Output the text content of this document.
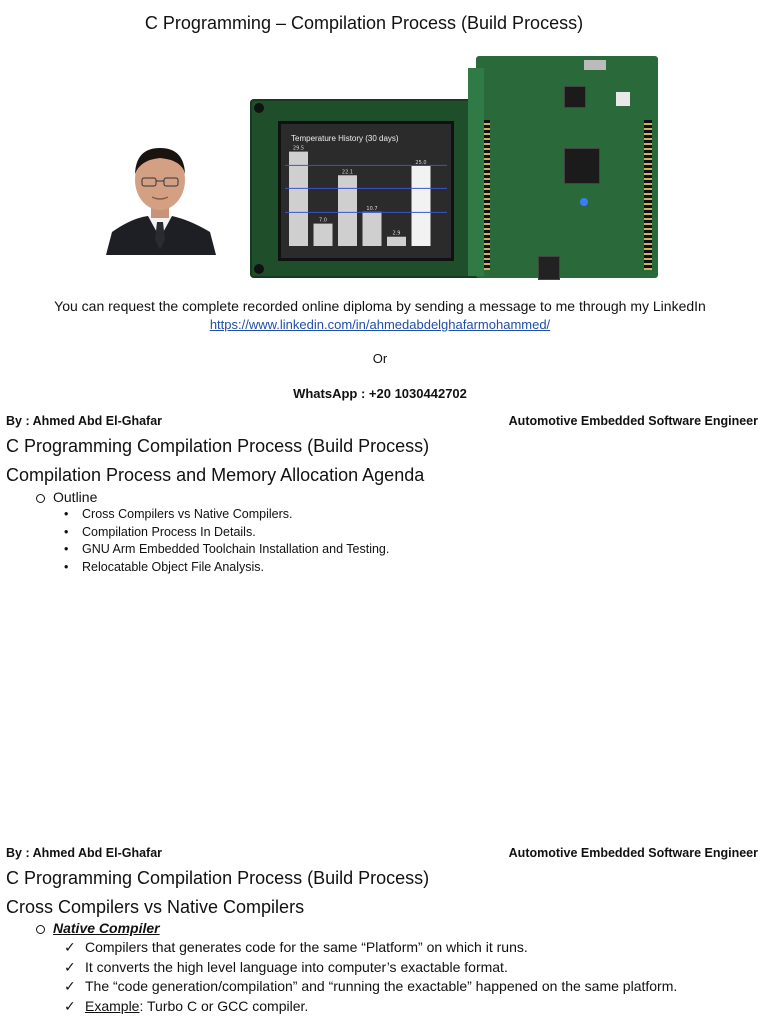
C Programming – Compilation Process (Build Process)
Temperature History (30 days)
29.5
7.0
22.1
10.7
2.9
25.0
You can request the complete recorded online diploma by sending a message to me through my LinkedIn
https://www.linkedin.com/in/ahmedabdelghafarmohammed/
Or
WhatsApp : +20 1030442702
By : Ahmed Abd El-Ghafar	Automotive Embedded Software Engineer
C Programming Compilation Process (Build Process)
Compilation Process and Memory Allocation Agenda
Outline
• Cross Compilers vs Native Compilers.
• Compilation Process In Details.
• GNU Arm Embedded Toolchain Installation and Testing.
• Relocatable Object File Analysis.
By : Ahmed Abd El-Ghafar	Automotive Embedded Software Engineer
C Programming Compilation Process (Build Process)
Cross Compilers vs Native Compilers
Native Compiler
✓ Compilers that generates code for the same “Platform” on which it runs.
✓ It converts the high level language into computer’s exactable format.
✓ The “code generation/compilation” and “running the exactable” happened on the same platform.
✓ Example: Turbo C or GCC compiler.
